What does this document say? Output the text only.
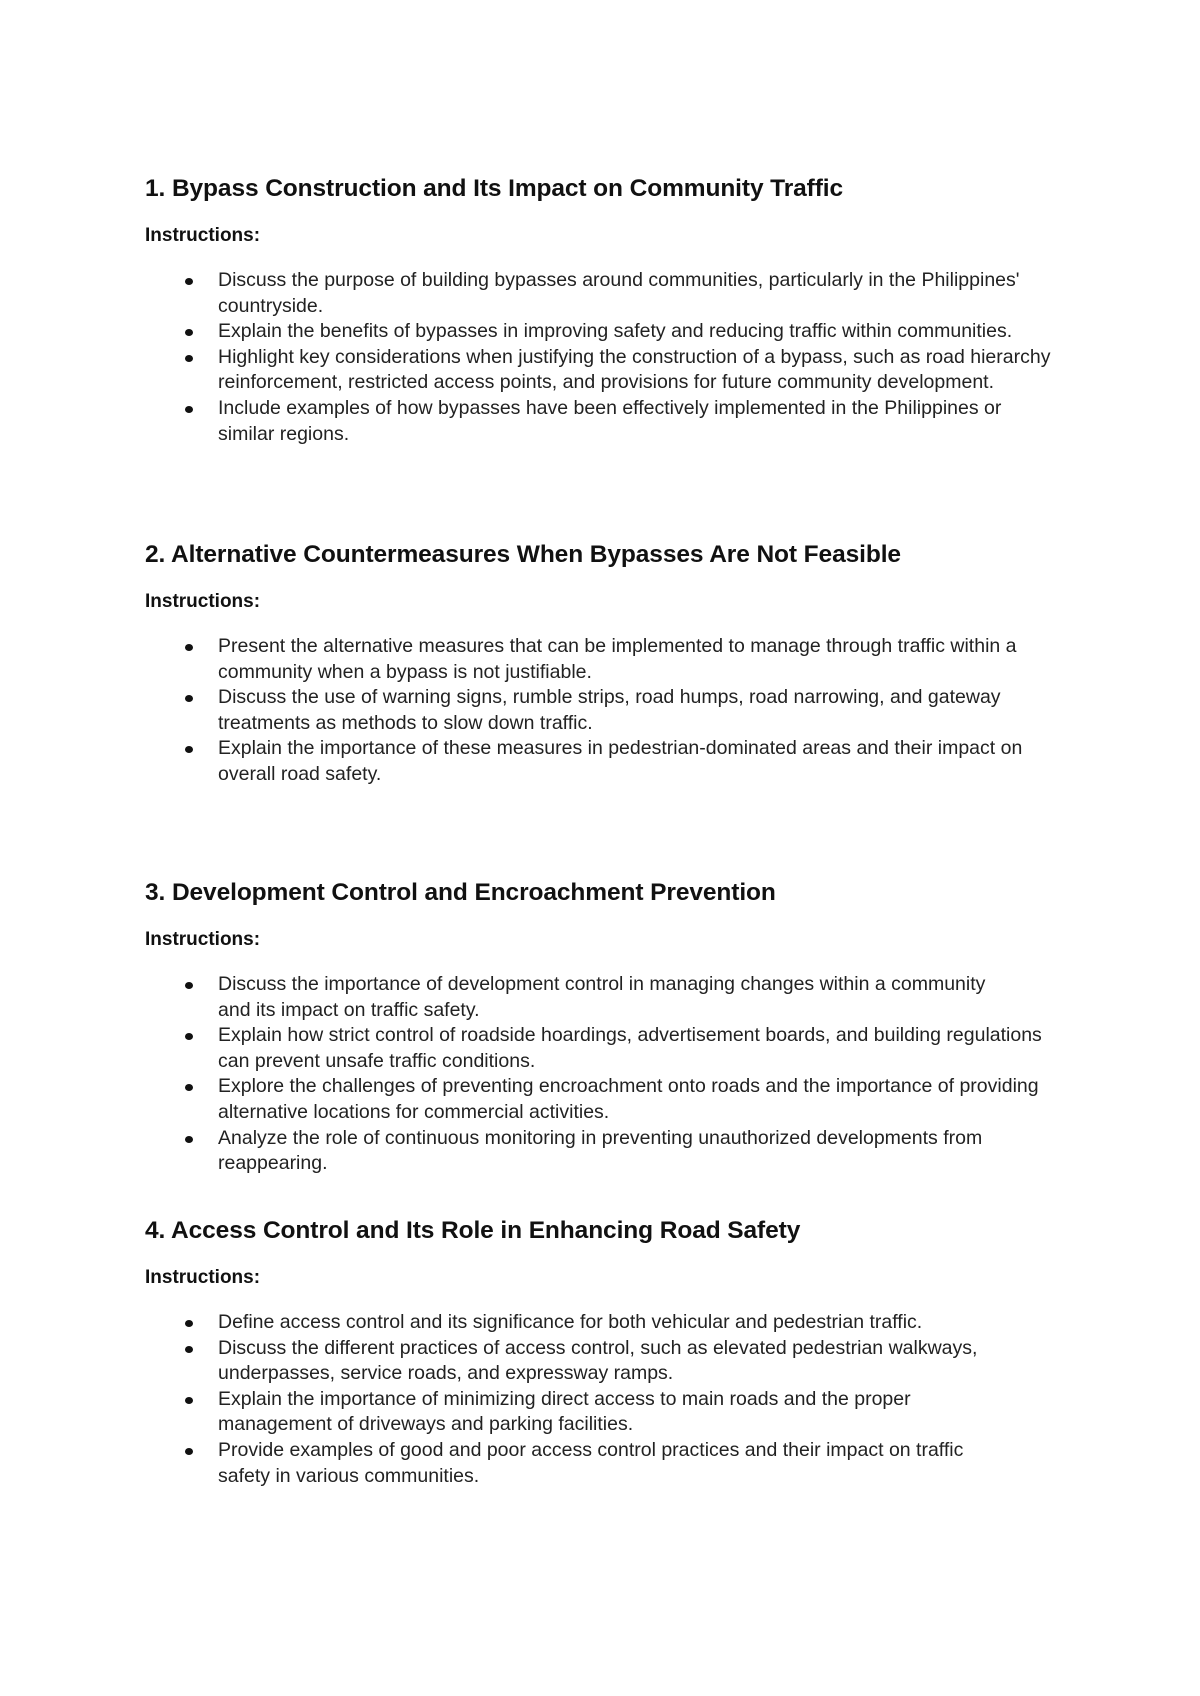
1. Bypass Construction and Its Impact on Community Traffic
Instructions:
Discuss the purpose of building bypasses around communities, particularly in the Philippines' countryside.
Explain the benefits of bypasses in improving safety and reducing traffic within communities.
Highlight key considerations when justifying the construction of a bypass, such as road hierarchy reinforcement, restricted access points, and provisions for future community development.
Include examples of how bypasses have been effectively implemented in the Philippines or similar regions.
2. Alternative Countermeasures When Bypasses Are Not Feasible
Instructions:
Present the alternative measures that can be implemented to manage through traffic within a community when a bypass is not justifiable.
Discuss the use of warning signs, rumble strips, road humps, road narrowing, and gateway treatments as methods to slow down traffic.
Explain the importance of these measures in pedestrian-dominated areas and their impact on overall road safety.
3. Development Control and Encroachment Prevention
Instructions:
Discuss the importance of development control in managing changes within a community and its impact on traffic safety.
Explain how strict control of roadside hoardings, advertisement boards, and building regulations can prevent unsafe traffic conditions.
Explore the challenges of preventing encroachment onto roads and the importance of providing alternative locations for commercial activities.
Analyze the role of continuous monitoring in preventing unauthorized developments from reappearing.
4. Access Control and Its Role in Enhancing Road Safety
Instructions:
Define access control and its significance for both vehicular and pedestrian traffic.
Discuss the different practices of access control, such as elevated pedestrian walkways, underpasses, service roads, and expressway ramps.
Explain the importance of minimizing direct access to main roads and the proper management of driveways and parking facilities.
Provide examples of good and poor access control practices and their impact on traffic safety in various communities.
